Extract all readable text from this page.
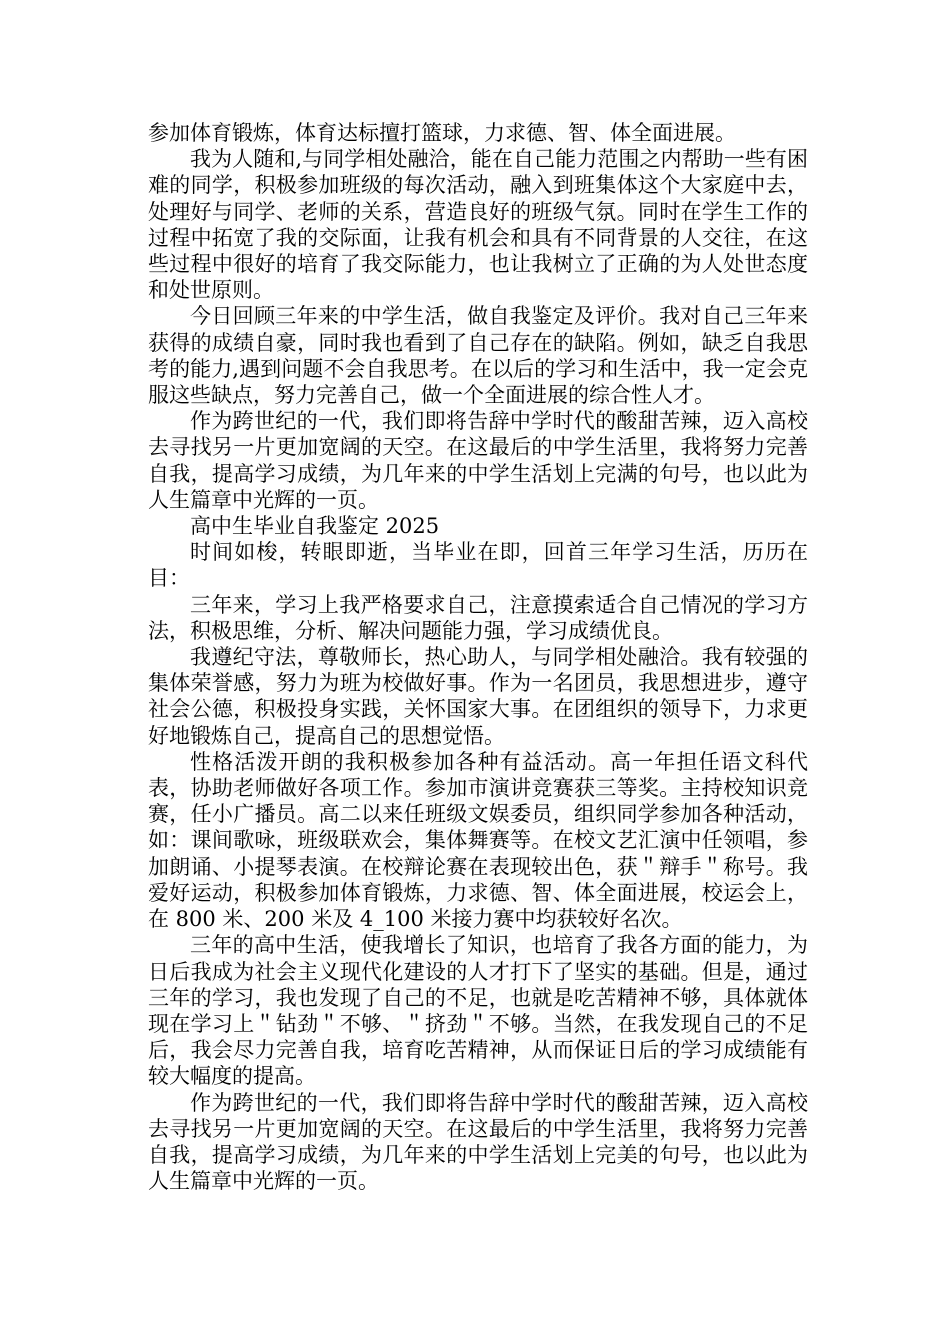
参加体育锻炼，体育达标擅打篮球，力求德、智、体全面进展。

我为人随和,与同学相处融洽，能在自己能力范围之内帮助一些有困难的同学，积极参加班级的每次活动，融入到班集体这个大家庭中去，处理好与同学、老师的关系，营造良好的班级气氛。同时在学生工作的过程中拓宽了我的交际面，让我有机会和具有不同背景的人交往，在这些过程中很好的培育了我交际能力，也让我树立了正确的为人处世态度和处世原则。

今日回顾三年来的中学生活，做自我鉴定及评价。我对自己三年来获得的成绩自豪，同时我也看到了自己存在的缺陷。例如，缺乏自我思考的能力,遇到问题不会自我思考。在以后的学习和生活中，我一定会克服这些缺点，努力完善自己，做一个全面进展的综合性人才。

作为跨世纪的一代，我们即将告辞中学时代的酸甜苦辣，迈入高校去寻找另一片更加宽阔的天空。在这最后的中学生活里，我将努力完善自我，提高学习成绩，为几年来的中学生活划上完满的句号，也以此为人生篇章中光辉的一页。

高中生毕业自我鉴定 2025

时间如梭，转眼即逝，当毕业在即，回首三年学习生活，历历在目：

三年来，学习上我严格要求自己，注意摸索适合自己情况的学习方法，积极思维，分析、解决问题能力强，学习成绩优良。

我遵纪守法，尊敬师长，热心助人，与同学相处融洽。我有较强的集体荣誉感，努力为班为校做好事。作为一名团员，我思想进步，遵守社会公德，积极投身实践，关怀国家大事。在团组织的领导下，力求更好地锻炼自己，提高自己的思想觉悟。

性格活泼开朗的我积极参加各种有益活动。高一年担任语文科代表，协助老师做好各项工作。参加市演讲竞赛获三等奖。主持校知识竞赛，任小广播员。高二以来任班级文娱委员，组织同学参加各种活动，如：课间歌咏，班级联欢会，集体舞赛等。在校文艺汇演中任领唱，参加朗诵、小提琴表演。在校辩论赛在表现较出色，获＂辩手＂称号。我爱好运动，积极参加体育锻炼，力求德、智、体全面进展，校运会上，在 800 米、200 米及 4_100 米接力赛中均获较好名次。

三年的高中生活，使我增长了知识，也培育了我各方面的能力，为日后我成为社会主义现代化建设的人才打下了坚实的基础。但是，通过三年的学习，我也发现了自己的不足，也就是吃苦精神不够，具体就体现在学习上＂钻劲＂不够、＂挤劲＂不够。当然，在我发现自己的不足后，我会尽力完善自我，培育吃苦精神，从而保证日后的学习成绩能有较大幅度的提高。

作为跨世纪的一代，我们即将告辞中学时代的酸甜苦辣，迈入高校去寻找另一片更加宽阔的天空。在这最后的中学生活里，我将努力完善自我，提高学习成绩，为几年来的中学生活划上完美的句号，也以此为人生篇章中光辉的一页。
